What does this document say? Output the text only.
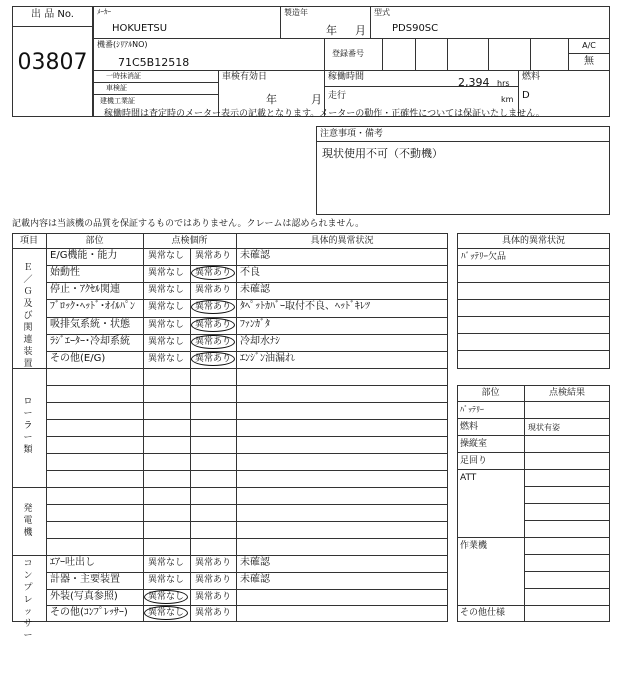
出 品 No.
03807
ﾒｰｶｰ
HOKUETSU
製造年
年 月
型式
PDS90SC
機番(ｼﾘｱﾙNO)
71C5B12518
登録番号
A/C
無
一時抹消証
車検証
建機工業証
車検有効日
年	月
稼働時間	2,394 hrs
走行	km
燃料
D
稼働時間は査定時のメーター表示の記載となります。メーターの動作・正確性については保証いたしません。
注意事項・備考
現状使用不可（不動機）
記載内容は当該機の品質を保証するものではありません。クレームは認められません。
項目	部位	点検個所	具体的異常状況
Ｅ／Ｇ及び関連装置
ローラー類
発電機
コンプレッサー
E/G機能・能力	異常なし 異常あり 未確認
始動性	異常なし 異常あり 不良
停止・ｱｸｾﾙ関連	異常なし 異常あり 未確認
ﾌﾞﾛｯｸ･ﾍｯﾄﾞ･ｵｲﾙﾊﾟﾝ 異常なし 異常あり ﾀﾍﾟｯﾄｶﾊﾞｰ取付不良、ﾍｯﾄﾞｷﾚﾂ
吸排気系統・状態 異常なし 異常あり ﾌｧﾝｶﾞﾀ
ﾗｼﾞｴｰﾀｰ･冷却系統 異常なし 異常あり 冷却水ﾅｼ
その他(E/G)	異常なし 異常あり ｴﾝｼﾞﾝ油漏れ
ｴｱｰ吐出し	異常なし 異常あり 未確認
計器・主要装置	異常なし 異常あり 未確認
外装(写真参照)	異常なし 異常あり
その他(ｺﾝﾌﾟﾚｯｻｰ) 異常なし 異常あり
具体的異常状況
ﾊﾞｯﾃﾘｰ欠品
部位	点検結果
ﾊﾞｯﾃﾘｰ
燃料	現状有姿
操縦室
足回り
ATT
作業機
その他仕様
